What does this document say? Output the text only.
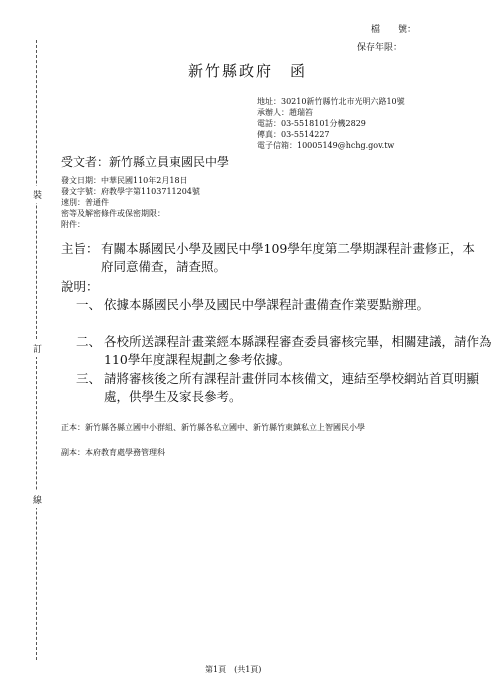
裝
訂
線
檔　　號：
保存年限：
新竹縣政府　函
地址：30210新竹縣竹北市光明六路10號
承辦人：趙瑞笞
電話：03-5518101分機2829
傳真：03-5514227
電子信箱：10005149@hchg.gov.tw
受文者：新竹縣立員東國民中學
發文日期：中華民國110年2月18日
發文字號：府教學字第1103711204號
速別：普通件
密等及解密條件或保密期限：
附件：
主旨： 有關本縣國民小學及國民中學109學年度第二學期課程計畫修正，本府同意備查，請查照。
說明：
一、 依據本縣國民小學及國民中學課程計畫備查作業要點辦理。
二、 各校所送課程計畫業經本縣課程審查委員審核完畢，相關建議，請作為110學年度課程規劃之參考依據。
三、 請將審核後之所有課程計畫併同本核備文，連結至學校網站首頁明顯處，供學生及家長參考。
正本：新竹縣各縣立國中小群組、新竹縣各私立國中、新竹縣竹東鎮私立上智國民小學
副本：本府教育處學務管理科
第1頁　(共1頁)
